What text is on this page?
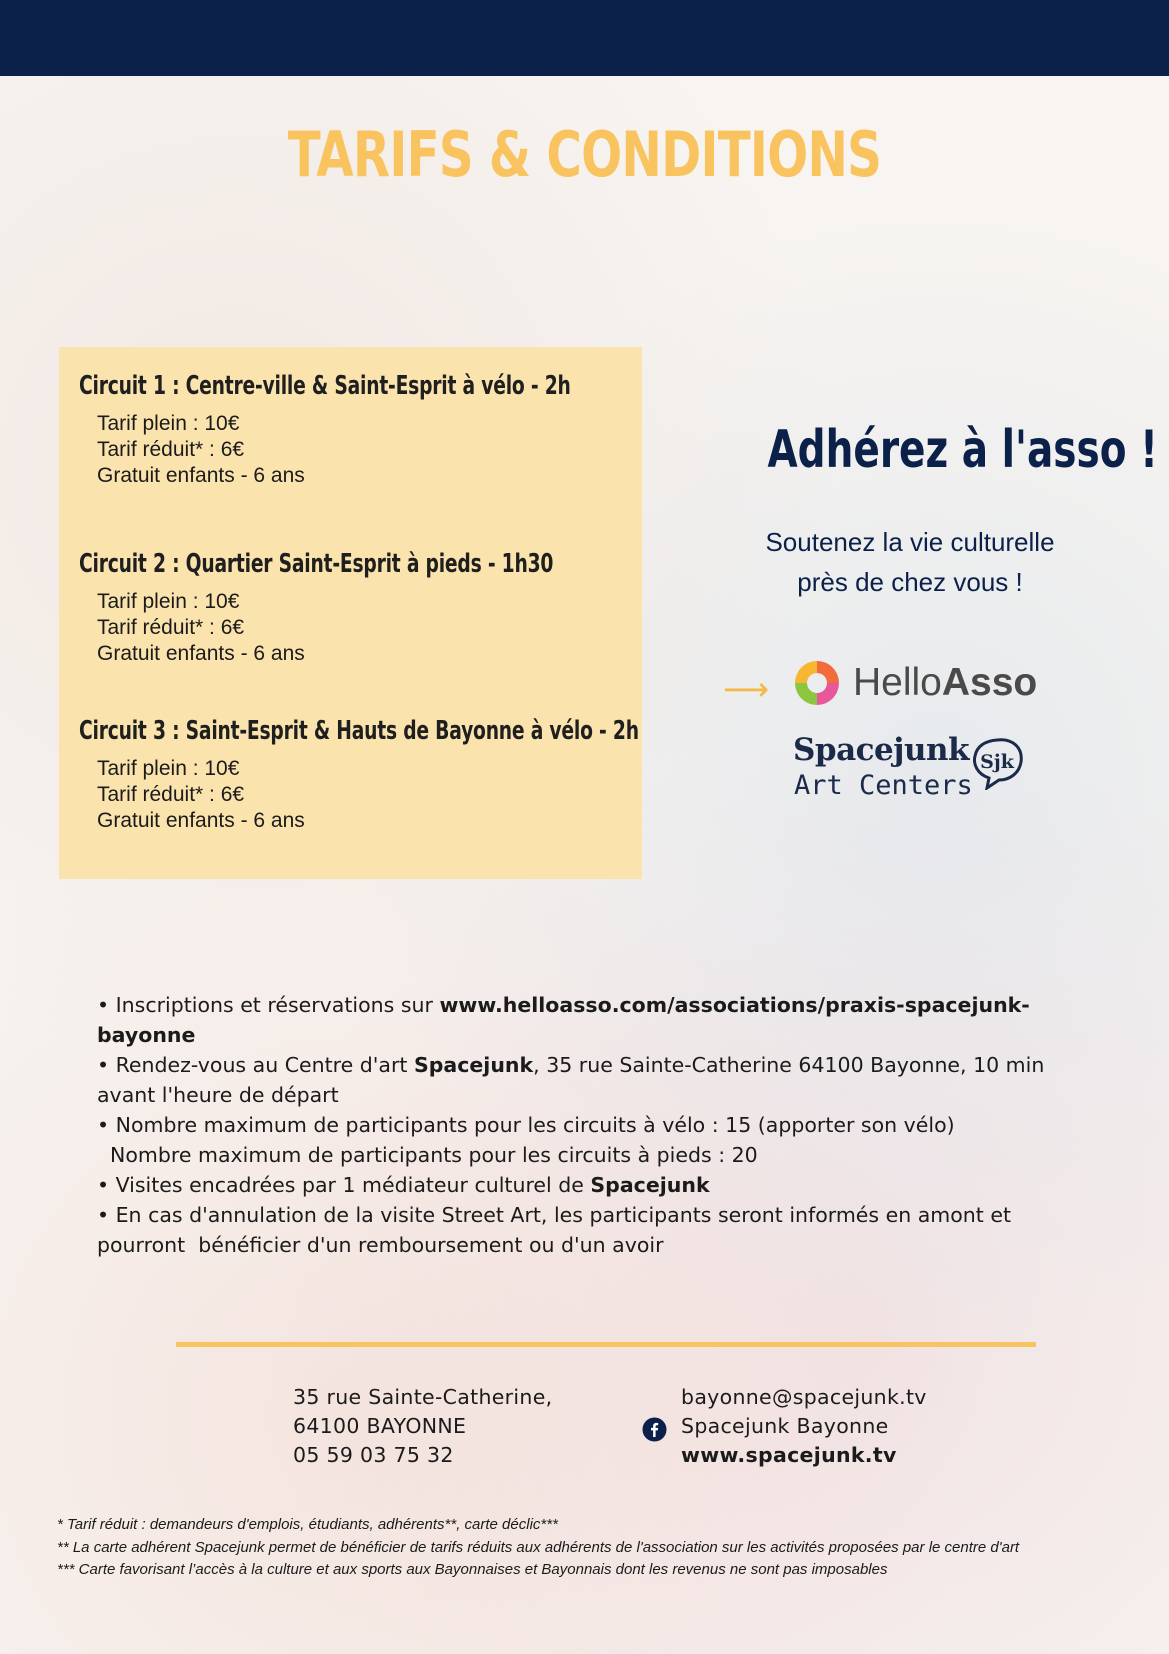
TARIFS & CONDITIONS
Circuit 1 : Centre-ville & Saint-Esprit à vélo - 2h
Tarif plein : 10€
Tarif réduit* : 6€
Gratuit enfants - 6 ans
Circuit 2 : Quartier Saint-Esprit à pieds - 1h30
Tarif plein : 10€
Tarif réduit* : 6€
Gratuit enfants - 6 ans
Circuit 3 : Saint-Esprit & Hauts de Bayonne à vélo - 2h
Tarif plein : 10€
Tarif réduit* : 6€
Gratuit enfants - 6 ans
Adhérez à l'asso !
Soutenez la vie culturelle
près de chez vous !
⟶ HelloAsso
Spacejunk
Art Centers
Sjk

• Inscriptions et réservations sur www.helloasso.com/associations/praxis-spacejunk-bayonne

• Rendez-vous au Centre d'art Spacejunk, 35 rue Sainte-Catherine 64100 Bayonne, 10 min

avant l'heure de départ

• Nombre maximum de participants pour les circuits à vélo : 15 (apporter son vélo)

Nombre maximum de participants pour les circuits à pieds : 20

• Visites encadrées par 1 médiateur culturel de Spacejunk

• En cas d'annulation de la visite Street Art, les participants seront informés en amont et

pourront  bénéficier d'un remboursement ou d'un avoir

35 rue Sainte-Catherine,
64100 BAYONNE
05 59 03 75 32
bayonne@spacejunk.tv
Spacejunk Bayonne
www.spacejunk.tv
* Tarif réduit : demandeurs d'emplois, étudiants, adhérents**, carte déclic***
** La carte adhérent Spacejunk permet de bénéficier de tarifs réduits aux adhérents de l'association sur les activités proposées par le centre d'art
*** Carte favorisant l’accès à la culture et aux sports aux Bayonnaises et Bayonnais dont les revenus ne sont pas imposables
